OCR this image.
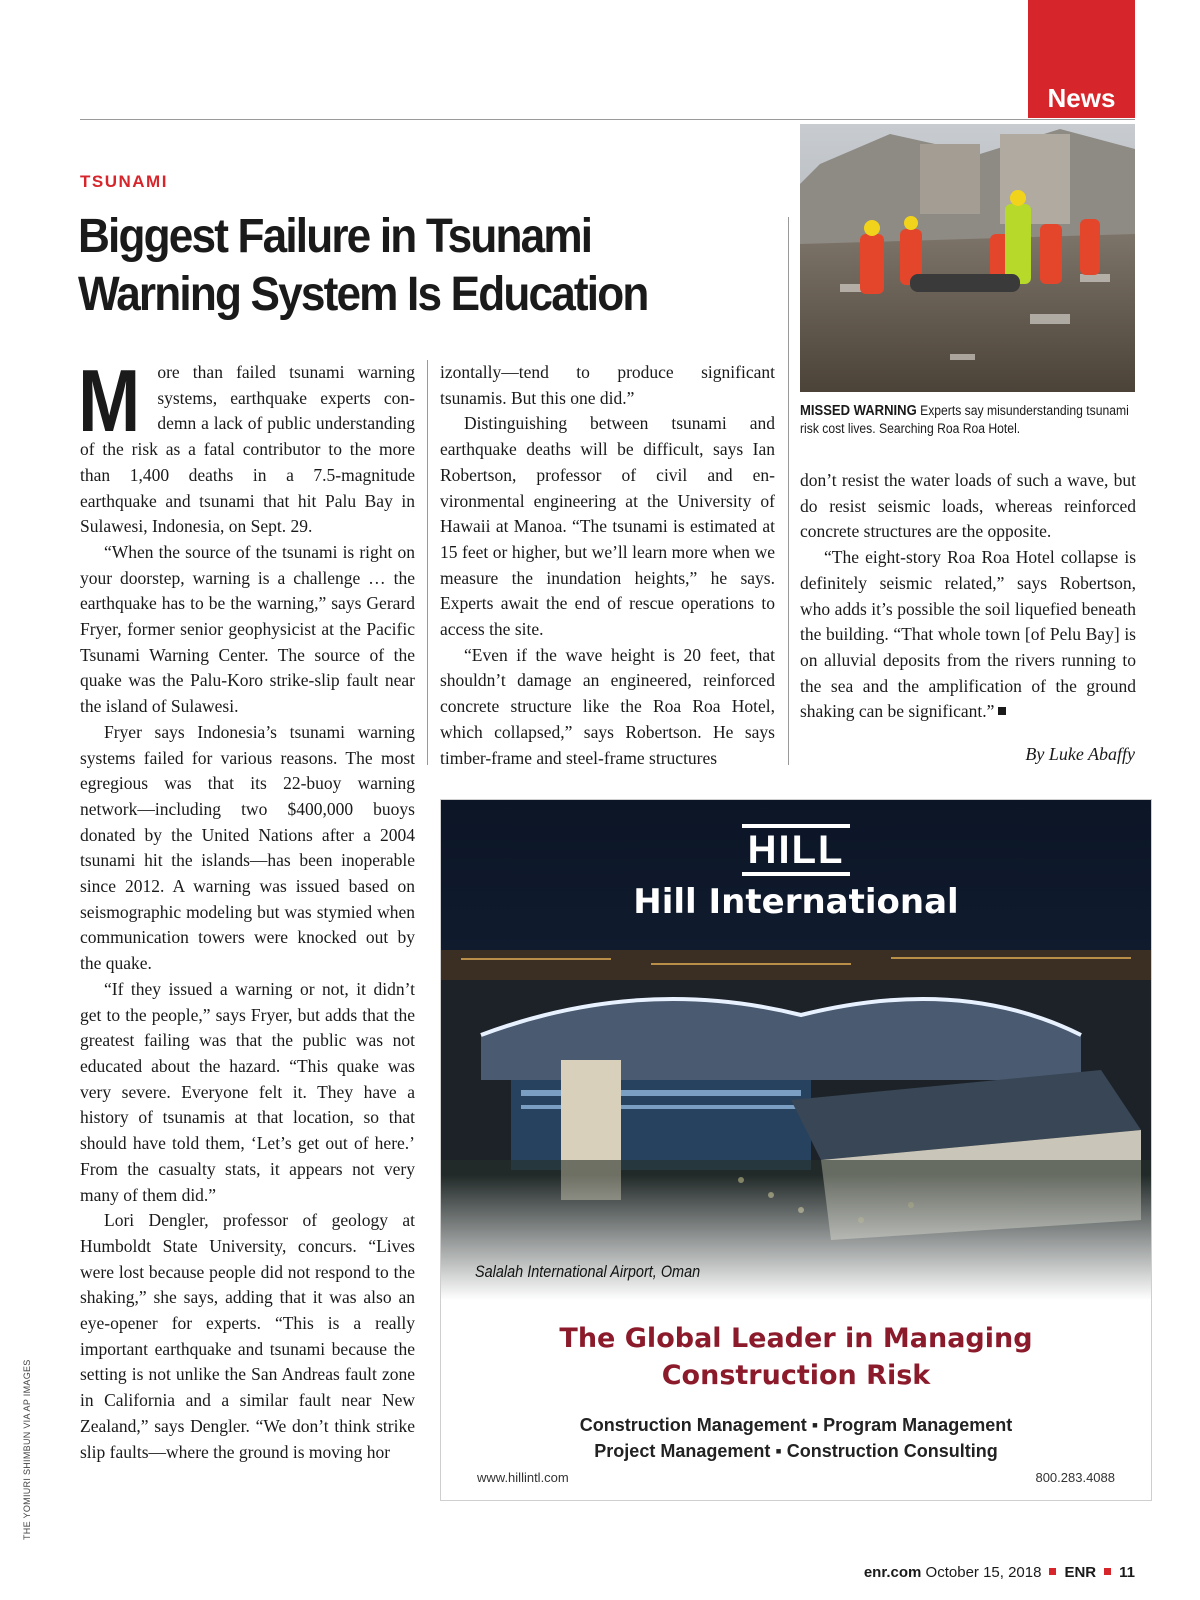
News
TSUNAMI
Biggest Failure in Tsunami
Warning System Is Education

More than failed tsunami warning systems, earthquake experts condemn a lack of public understanding of the risk as a fatal contributor to the more than 1,400 deaths in a 7.5-magnitude earthquake and tsunami that hit Palu Bay in Sulawesi, Indonesia, on Sept. 29.

“When the source of the tsunami is right on your doorstep, warning is a challenge … the earthquake has to be the warning,” says Gerard Fryer, former senior geophysicist at the Pacific Tsunami Warning Center. The source of the quake was the Palu-Koro strike-slip fault near the island of Sulawesi.

Fryer says Indonesia’s tsunami warning systems failed for various reasons. The most egregious was that its 22-buoy warning network—including two $400,000 buoys donated by the United Nations after a 2004 tsunami hit the islands—has been inoperable since 2012. A warning was issued based on seismographic modeling but was stymied when communication towers were knocked out by the quake.

“If they issued a warning or not, it didn’t get to the people,” says Fryer, but adds that the greatest failing was that the public was not educated about the hazard. “This quake was very severe. Everyone felt it. They have a history of tsunamis at that location, so that should have told them, ‘Let’s get out of here.’ From the casualty stats, it appears not very many of them did.”

Lori Dengler, professor of geology at Humboldt State University, concurs. “Lives were lost because people did not respond to the shaking,” she says, adding that it was also an eye-opener for experts. “This is a really important earthquake and tsunami because the setting is not unlike the San Andreas fault zone in California and a similar fault near New Zealand,” says Dengler. “We don’t think strike slip faults—where the ground is moving hor

izontally—tend to produce significant tsunamis. But this one did.”

Distinguishing between tsunami and earthquake deaths will be difficult, says Ian Robertson, professor of civil and environmental engineering at the University of Hawaii at Manoa. “The tsunami is estimated at 15 feet or higher, but we’ll learn more when we measure the inundation heights,” he says. Experts await the end of rescue operations to access the site.

“Even if the wave height is 20 feet, that shouldn’t damage an engineered, reinforced concrete structure like the Roa Roa Hotel, which collapsed,” says Robertson. He says timber-frame and steel-frame structures

MISSED WARNING Experts say misunderstanding tsunami risk cost lives. Searching Roa Roa Hotel.

don’t resist the water loads of such a wave, but do resist seismic loads, whereas reinforced concrete structures are the opposite.

“The eight-story Roa Roa Hotel collapse is definitely seismic related,” says Robertson, who adds it’s possible the soil liquefied beneath the building. “That whole town [of Pelu Bay] is on alluvial deposits from the rivers running to the sea and the amplification of the ground shaking can be significant.”

By Luke Abaffy
HILL
Hill International
Salalah International Airport, Oman
The Global Leader in Managing
Construction Risk
Construction Management ▪ Program Management
Project Management ▪ Construction Consulting
www.hillintl.com	800.283.4088
THE YOMIURI SHIMBUN VIA AP IMAGES
enr.com October 15, 2018 ENR 11
